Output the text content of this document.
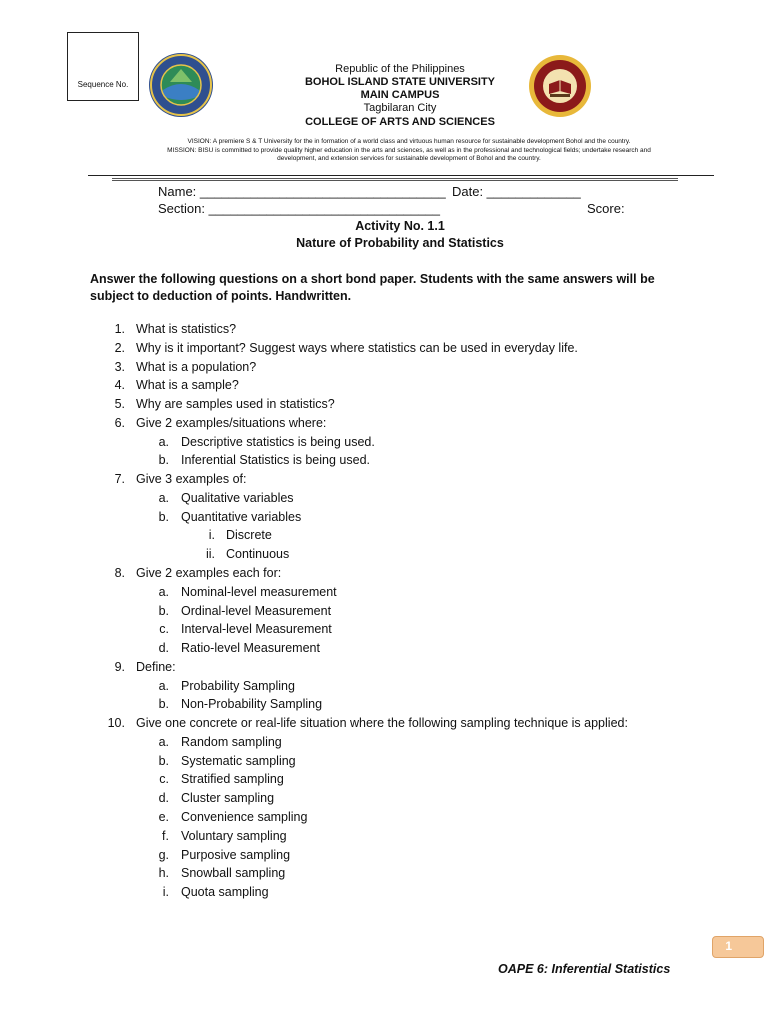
Sequence No.
Republic of the Philippines
BOHOL ISLAND STATE UNIVERSITY
MAIN CAMPUS
Tagbilaran City
COLLEGE OF ARTS AND SCIENCES
VISION: A premiere S & T University for the in formation of a world class and virtuous human resource for sustainable development Bohol and the country.
MISSION: BISU is committed to provide quality higher education in the arts and sciences, as well as in the professional and technological fields; undertake research and
development, and extension services for sustainable development of Bohol and the country.
Name: __________________________________ Date: _____________
Section: ________________________________	Score:
Activity No. 1.1
Nature of Probability and Statistics
Answer the following questions on a short bond paper. Students with the same answers will be
subject to deduction of points. Handwritten.
1. What is statistics?
2. Why is it important? Suggest ways where statistics can be used in everyday life.
3. What is a population?
4. What is a sample?
5. Why are samples used in statistics?
6. Give 2 examples/situations where:
a. Descriptive statistics is being used.
b. Inferential Statistics is being used.
7. Give 3 examples of:
a. Qualitative variables
b. Quantitative variables
i. Discrete
ii. Continuous
8. Give 2 examples each for:
a. Nominal-level measurement
b. Ordinal-level Measurement
c. Interval-level Measurement
d. Ratio-level Measurement
9. Define:
a. Probability Sampling
b. Non-Probability Sampling
10. Give one concrete or real-life situation where the following sampling technique is applied:
a. Random sampling
b. Systematic sampling
c. Stratified sampling
d. Cluster sampling
e. Convenience sampling
f. Voluntary sampling
g. Purposive sampling
h. Snowball sampling
i. Quota sampling
1
OAPE 6: Inferential Statistics
